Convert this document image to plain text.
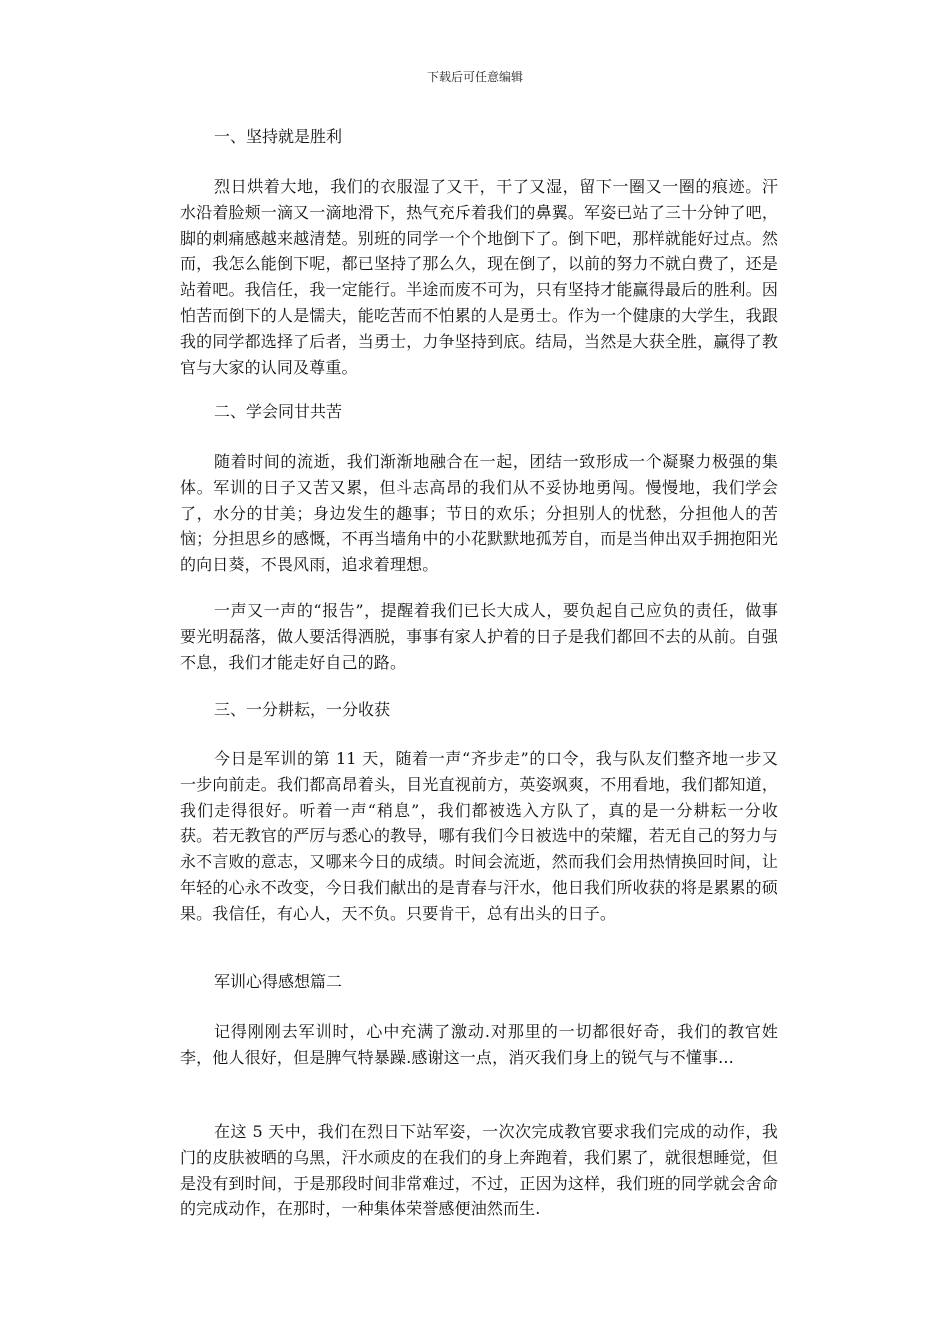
下载后可任意编辑
一、坚持就是胜利
烈日烘着大地，我们的衣服湿了又干，干了又湿，留下一圈又一圈的痕迹。汗水沿着脸颊一滴又一滴地滑下，热气充斥着我们的鼻翼。军姿已站了三十分钟了吧，脚的刺痛感越来越清楚。别班的同学一个个地倒下了。倒下吧，那样就能好过点。然而，我怎么能倒下呢，都已坚持了那么久，现在倒了，以前的努力不就白费了，还是站着吧。我信任，我一定能行。半途而废不可为，只有坚持才能赢得最后的胜利。因怕苦而倒下的人是懦夫，能吃苦而不怕累的人是勇士。作为一个健康的大学生，我跟我的同学都选择了后者，当勇士，力争坚持到底。结局，当然是大获全胜，赢得了教官与大家的认同及尊重。
二、学会同甘共苦
随着时间的流逝，我们渐渐地融合在一起，团结一致形成一个凝聚力极强的集体。军训的日子又苦又累，但斗志高昂的我们从不妥协地勇闯。慢慢地，我们学会了，水分的甘美；身边发生的趣事；节日的欢乐；分担别人的忧愁，分担他人的苦恼；分担思乡的感慨，不再当墙角中的小花默默地孤芳自，而是当伸出双手拥抱阳光的向日葵，不畏风雨，追求着理想。
一声又一声的“报告”，提醒着我们已长大成人，要负起自己应负的责任，做事要光明磊落，做人要活得洒脱，事事有家人护着的日子是我们都回不去的从前。自强不息，我们才能走好自己的路。
三、一分耕耘，一分收获
今日是军训的第 11 天，随着一声“齐步走”的口令，我与队友们整齐地一步又一步向前走。我们都高昂着头，目光直视前方，英姿飒爽，不用看地，我们都知道，我们走得很好。听着一声“稍息”，我们都被选入方队了，真的是一分耕耘一分收获。若无教官的严厉与悉心的教导，哪有我们今日被选中的荣耀，若无自己的努力与永不言败的意志，又哪来今日的成绩。时间会流逝，然而我们会用热情换回时间，让年轻的心永不改变，今日我们献出的是青春与汗水，他日我们所收获的将是累累的硕果。我信任，有心人，天不负。只要肯干，总有出头的日子。
军训心得感想篇二
记得刚刚去军训时，心中充满了激动.对那里的一切都很好奇，我们的教官姓李，他人很好，但是脾气特暴躁.感谢这一点，消灭我们身上的锐气与不懂事...
在这 5 天中，我们在烈日下站军姿，一次次完成教官要求我们完成的动作，我门的皮肤被晒的乌黑，汗水顽皮的在我们的身上奔跑着，我们累了，就很想睡觉，但是没有到时间，于是那段时间非常难过，不过，正因为这样，我们班的同学就会舍命的完成动作，在那时，一种集体荣誉感便油然而生.
